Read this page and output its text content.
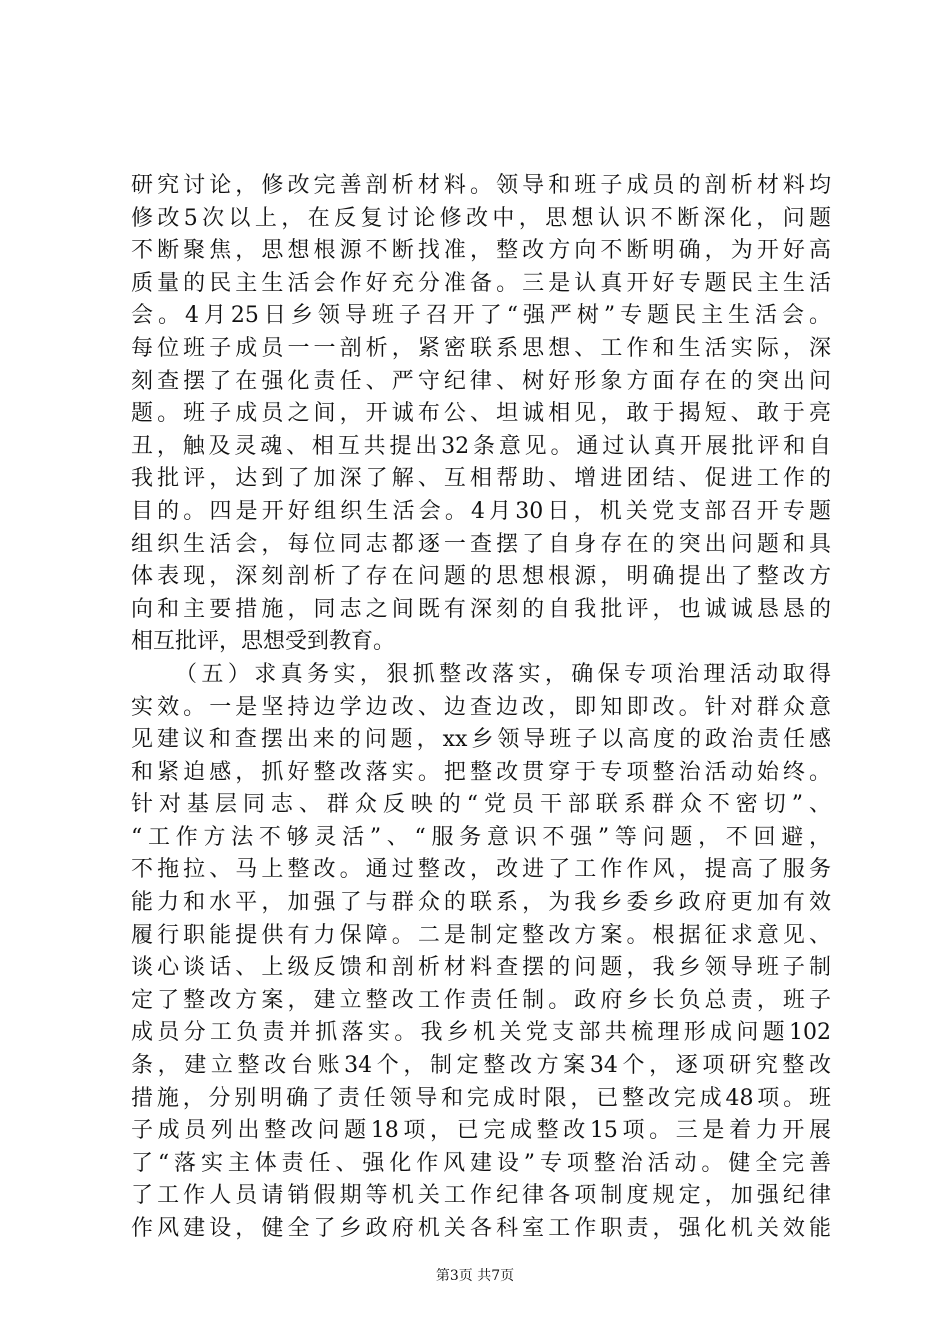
研究讨论，修改完善剖析材料。领导和班子成员的剖析材料均
修改5次以上，在反复讨论修改中，思想认识不断深化，问题
不断聚焦，思想根源不断找准，整改方向不断明确，为开好高
质量的民主生活会作好充分准备。三是认真开好专题民主生活
会。4月25日乡领导班子召开了“强严树”专题民主生活会。
每位班子成员一一剖析，紧密联系思想、工作和生活实际，深
刻查摆了在强化责任、严守纪律、树好形象方面存在的突出问
题。班子成员之间，开诚布公、坦诚相见，敢于揭短、敢于亮
丑，触及灵魂、相互共提出32条意见。通过认真开展批评和自
我批评，达到了加深了解、互相帮助、增进团结、促进工作的
目的。四是开好组织生活会。4月30日，机关党支部召开专题
组织生活会，每位同志都逐一查摆了自身存在的突出问题和具
体表现，深刻剖析了存在问题的思想根源，明确提出了整改方
向和主要措施，同志之间既有深刻的自我批评，也诚诚恳恳的
相互批评，思想受到教育。
（五）求真务实，狠抓整改落实，确保专项治理活动取得
实效。一是坚持边学边改、边查边改，即知即改。针对群众意
见建议和查摆出来的问题，xx乡领导班子以高度的政治责任感
和紧迫感，抓好整改落实。把整改贯穿于专项整治活动始终。
针对基层同志、群众反映的“党员干部联系群众不密切”、
“工作方法不够灵活”、“服务意识不强”等问题，不回避，
不拖拉、马上整改。通过整改，改进了工作作风，提高了服务
能力和水平，加强了与群众的联系，为我乡委乡政府更加有效
履行职能提供有力保障。二是制定整改方案。根据征求意见、
谈心谈话、上级反馈和剖析材料查摆的问题，我乡领导班子制
定了整改方案，建立整改工作责任制。政府乡长负总责，班子
成员分工负责并抓落实。我乡机关党支部共梳理形成问题102
条，建立整改台账34个，制定整改方案34个，逐项研究整改
措施，分别明确了责任领导和完成时限，已整改完成48项。班
子成员列出整改问题18项，已完成整改15项。三是着力开展
了“落实主体责任、强化作风建设”专项整治活动。健全完善
了工作人员请销假期等机关工作纪律各项制度规定，加强纪律
作风建设，健全了乡政府机关各科室工作职责，强化机关效能
第3页 共7页
